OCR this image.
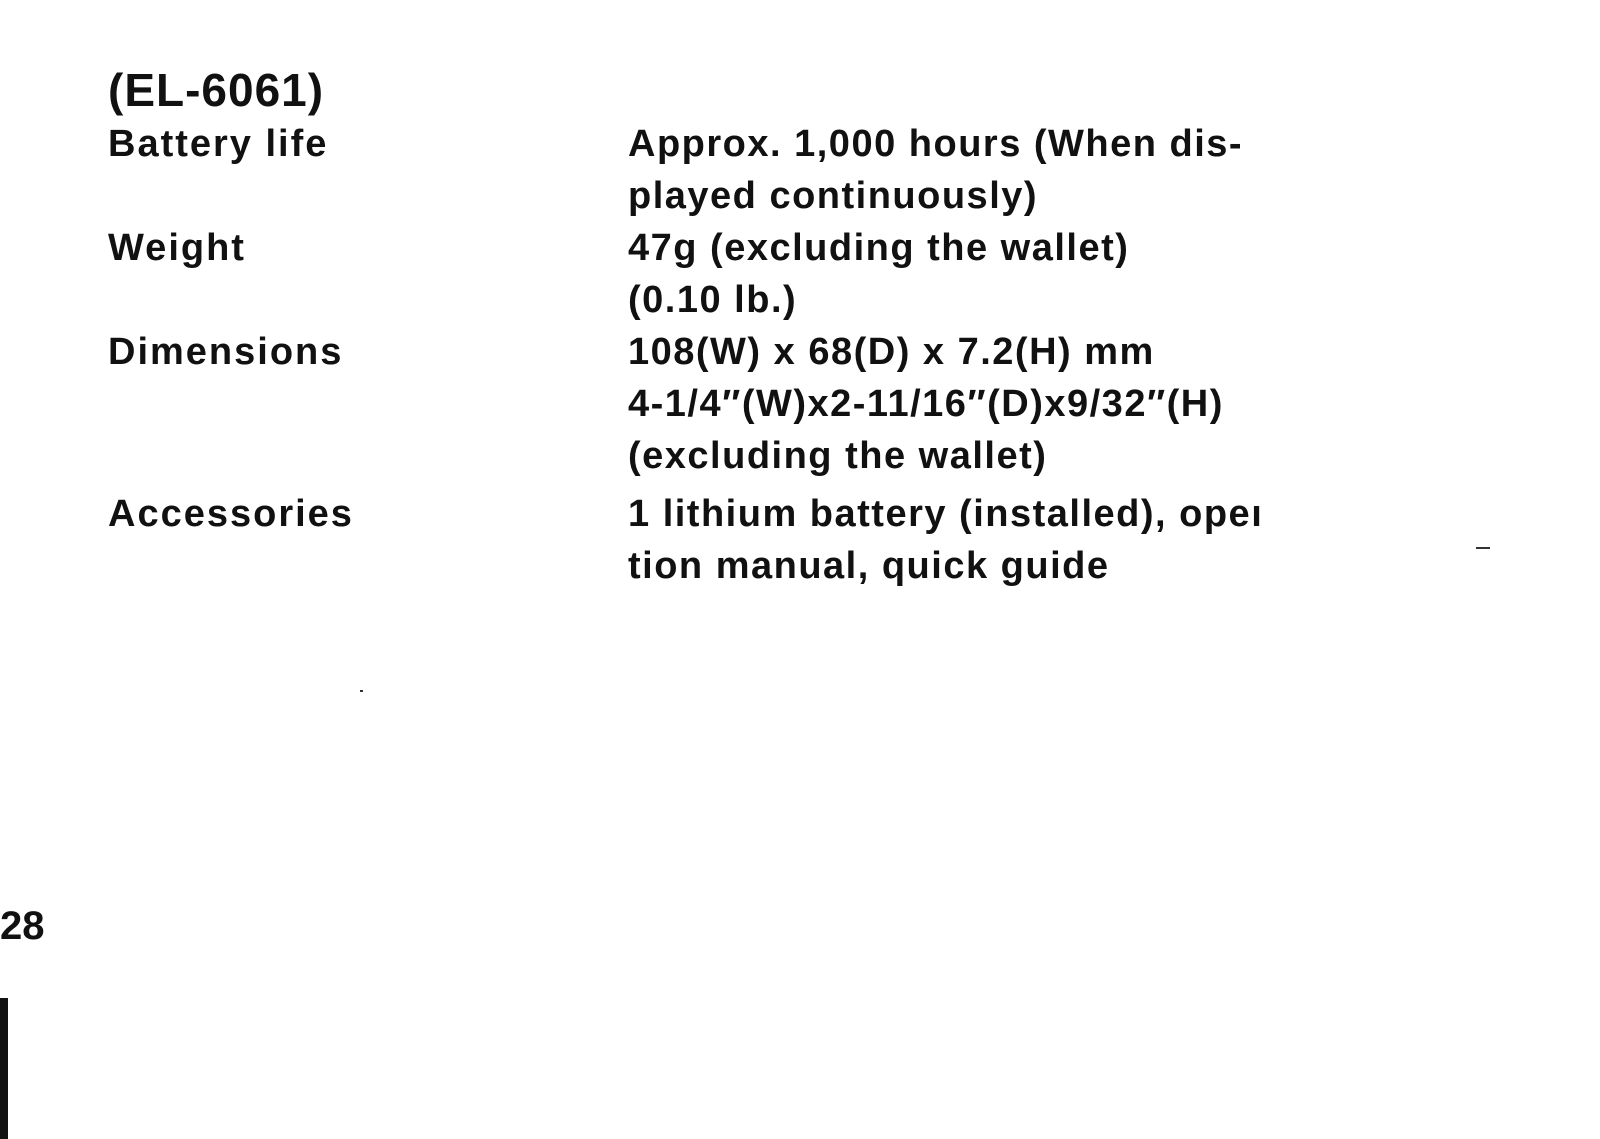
(EL-6061)
Battery life	Approx. 1,000 hours (When dis-
played continuously)
Weight	47g (excluding the wallet)
(0.10 lb.)
Dimensions	108(W) x 68(D) x 7.2(H) mm
4-1/4″(W)x2-11/16″(D)x9/32″(H)
(excluding the wallet)
Accessories	1 lithium battery (installed), opeı
tion manual, quick guide
28
